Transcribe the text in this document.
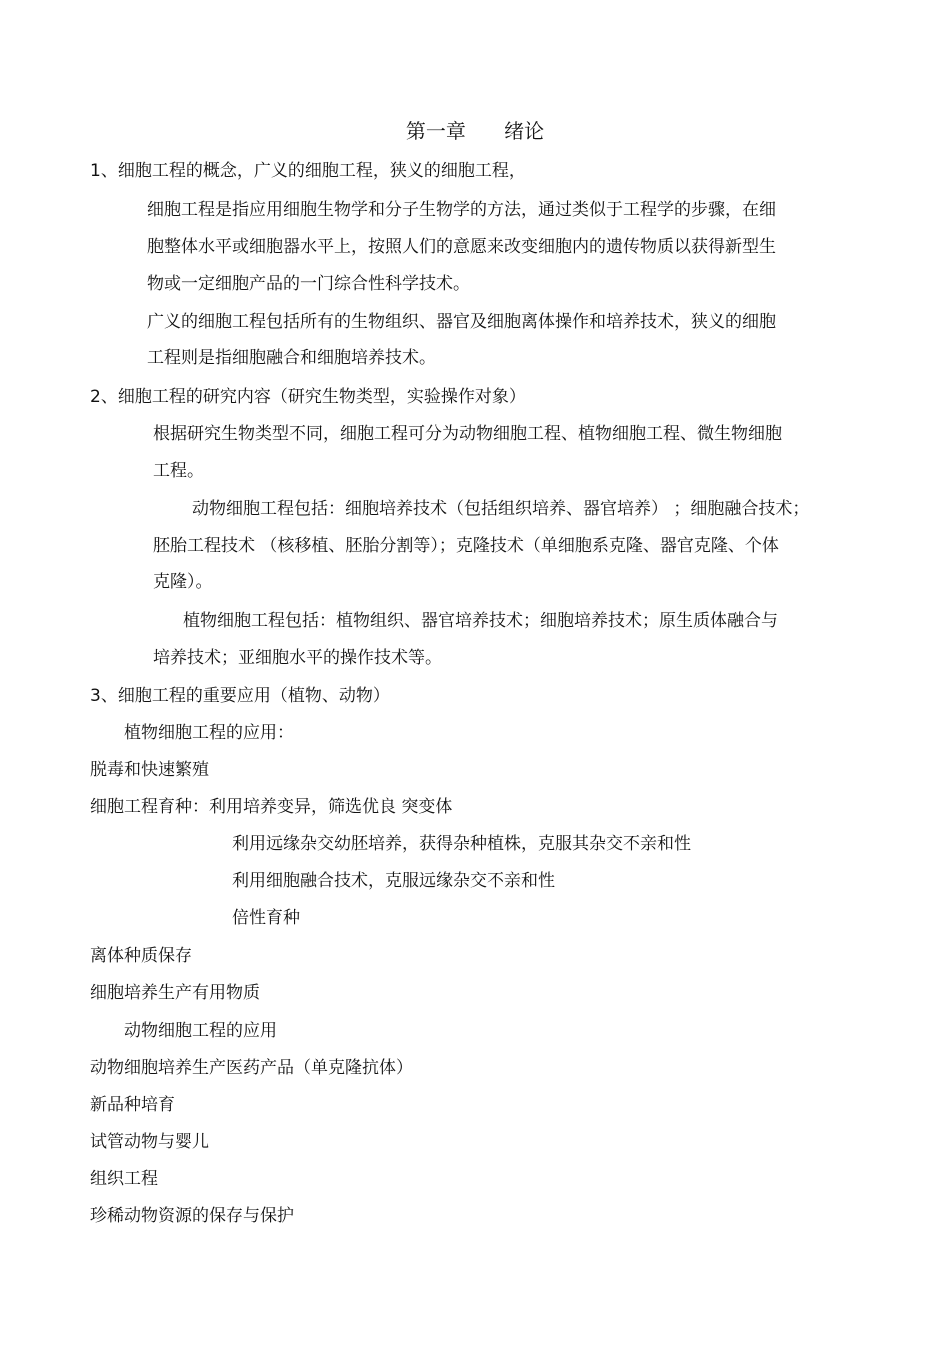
第一章      绪论
1、细胞工程的概念，广义的细胞工程，狭义的细胞工程，
细胞工程是指应用细胞生物学和分子生物学的方法，通过类似于工程学的步骤，在细
胞整体水平或细胞器水平上，按照人们的意愿来改变细胞内的遗传物质以获得新型生
物或一定细胞产品的一门综合性科学技术。
广义的细胞工程包括所有的生物组织、器官及细胞离体操作和培养技术，狭义的细胞
工程则是指细胞融合和细胞培养技术。
2、细胞工程的研究内容（研究生物类型，实验操作对象）
根据研究生物类型不同，细胞工程可分为动物细胞工程、植物细胞工程、微生物细胞
工程。
动物细胞工程包括：细胞培养技术（包括组织培养、器官培养） ；细胞融合技术；
胚胎工程技术 （核移植、胚胎分割等）；克隆技术（单细胞系克隆、器官克隆、个体
克隆）。
植物细胞工程包括：植物组织、器官培养技术；细胞培养技术；原生质体融合与
培养技术；亚细胞水平的操作技术等。
3、细胞工程的重要应用（植物、动物）
植物细胞工程的应用：
脱毒和快速繁殖
细胞工程育种：利用培养变异，筛选优良 突变体
利用远缘杂交幼胚培养，获得杂种植株，克服其杂交不亲和性
利用细胞融合技术，克服远缘杂交不亲和性
倍性育种
离体种质保存
细胞培养生产有用物质
动物细胞工程的应用
动物细胞培养生产医药产品（单克隆抗体）
新品种培育
试管动物与婴儿
组织工程
珍稀动物资源的保存与保护
